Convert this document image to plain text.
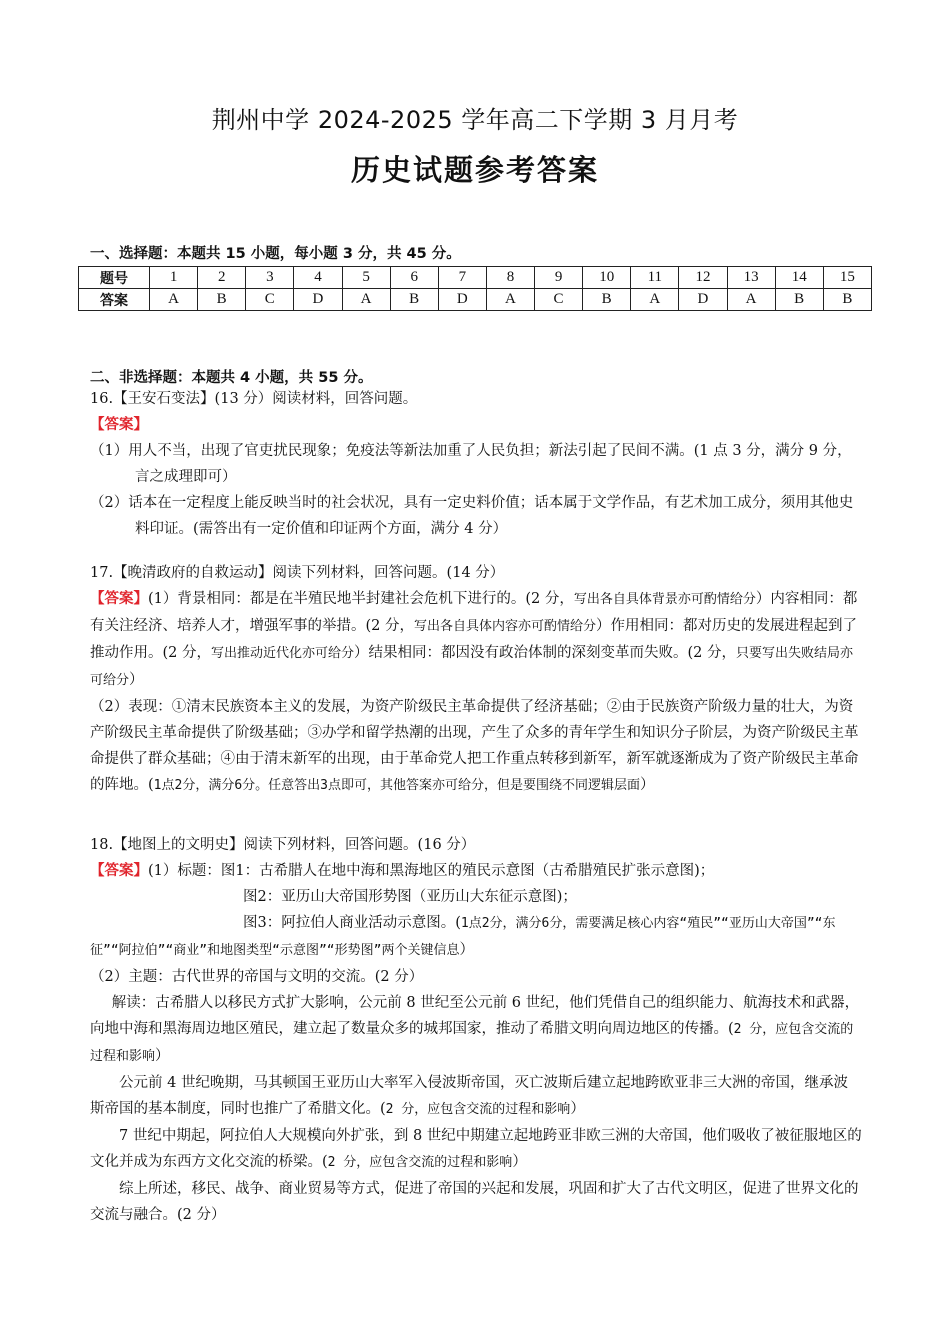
荆州中学 2024-2025 学年高二下学期 3 月月考
历史试题参考答案
一、选择题：本题共 15 小题，每小题 3 分，共 45 分。
题号	1	2	3	4	5	6	7	8	9	10	11	12	13	14	15
答案	A	B	C	D	A	B	D	A	C	B	A	D	A	B	B
二、非选择题：本题共 4 小题，共 55 分。
16.【王安石变法】(13 分）阅读材料，回答问题。
【答案】
（1）用人不当，出现了官吏扰民现象；免疫法等新法加重了人民负担；新法引起了民间不满。(1 点 3 分，满分 9 分，言之成理即可）
（2）话本在一定程度上能反映当时的社会状况，具有一定史料价值；话本属于文学作品，有艺术加工成分，须用其他史料印证。(需答出有一定价值和印证两个方面，满分 4 分）
17.【晚清政府的自救运动】阅读下列材料，回答问题。(14 分）
【答案】(1）背景相同：都是在半殖民地半封建社会危机下进行的。(2 分，写出各自具体背景亦可酌情给分）内容相同：都有关注经济、培养人才，增强军事的举措。(2 分，写出各自具体内容亦可酌情给分）作用相同：都对历史的发展进程起到了推动作用。(2 分，写出推动近代化亦可给分）结果相同：都因没有政治体制的深刻变革而失败。(2 分，只要写出失败结局亦可给分）
（2）表现：①清末民族资本主义的发展，为资产阶级民主革命提供了经济基础；②由于民族资产阶级力量的壮大，为资产阶级民主革命提供了阶级基础；③办学和留学热潮的出现，产生了众多的青年学生和知识分子阶层，为资产阶级民主革命提供了群众基础；④由于清末新军的出现，由于革命党人把工作重点转移到新军，新军就逐渐成为了资产阶级民主革命的阵地。(1点2分，满分6分。任意答出3点即可，其他答案亦可给分，但是要围绕不同逻辑层面）
18.【地图上的文明史】阅读下列材料，回答问题。(16 分）
【答案】(1）标题：图1：古希腊人在地中海和黑海地区的殖民示意图（古希腊殖民扩张示意图)；
图2：亚历山大帝国形势图（亚历山大东征示意图)；
图3：阿拉伯人商业活动示意图。(1点2分，满分6分，需要满足核心内容“殖民”“亚历山大帝国”“东征”“阿拉伯”“商业”和地图类型“示意图”“形势图”两个关键信息）
（2）主题：古代世界的帝国与文明的交流。(2 分）
解读：古希腊人以移民方式扩大影响，公元前 8 世纪至公元前 6 世纪，他们凭借自己的组织能力、航海技术和武器，向地中海和黑海周边地区殖民，建立起了数量众多的城邦国家，推动了希腊文明向周边地区的传播。(2 分，应包含交流的过程和影响）
公元前 4 世纪晚期，马其顿国王亚历山大率军入侵波斯帝国，灭亡波斯后建立起地跨欧亚非三大洲的帝国，继承波斯帝国的基本制度，同时也推广了希腊文化。(2 分，应包含交流的过程和影响）
7 世纪中期起，阿拉伯人大规模向外扩张，到 8 世纪中期建立起地跨亚非欧三洲的大帝国，他们吸收了被征服地区的文化并成为东西方文化交流的桥梁。(2 分，应包含交流的过程和影响）
综上所述，移民、战争、商业贸易等方式，促进了帝国的兴起和发展，巩固和扩大了古代文明区，促进了世界文化的交流与融合。(2 分）
